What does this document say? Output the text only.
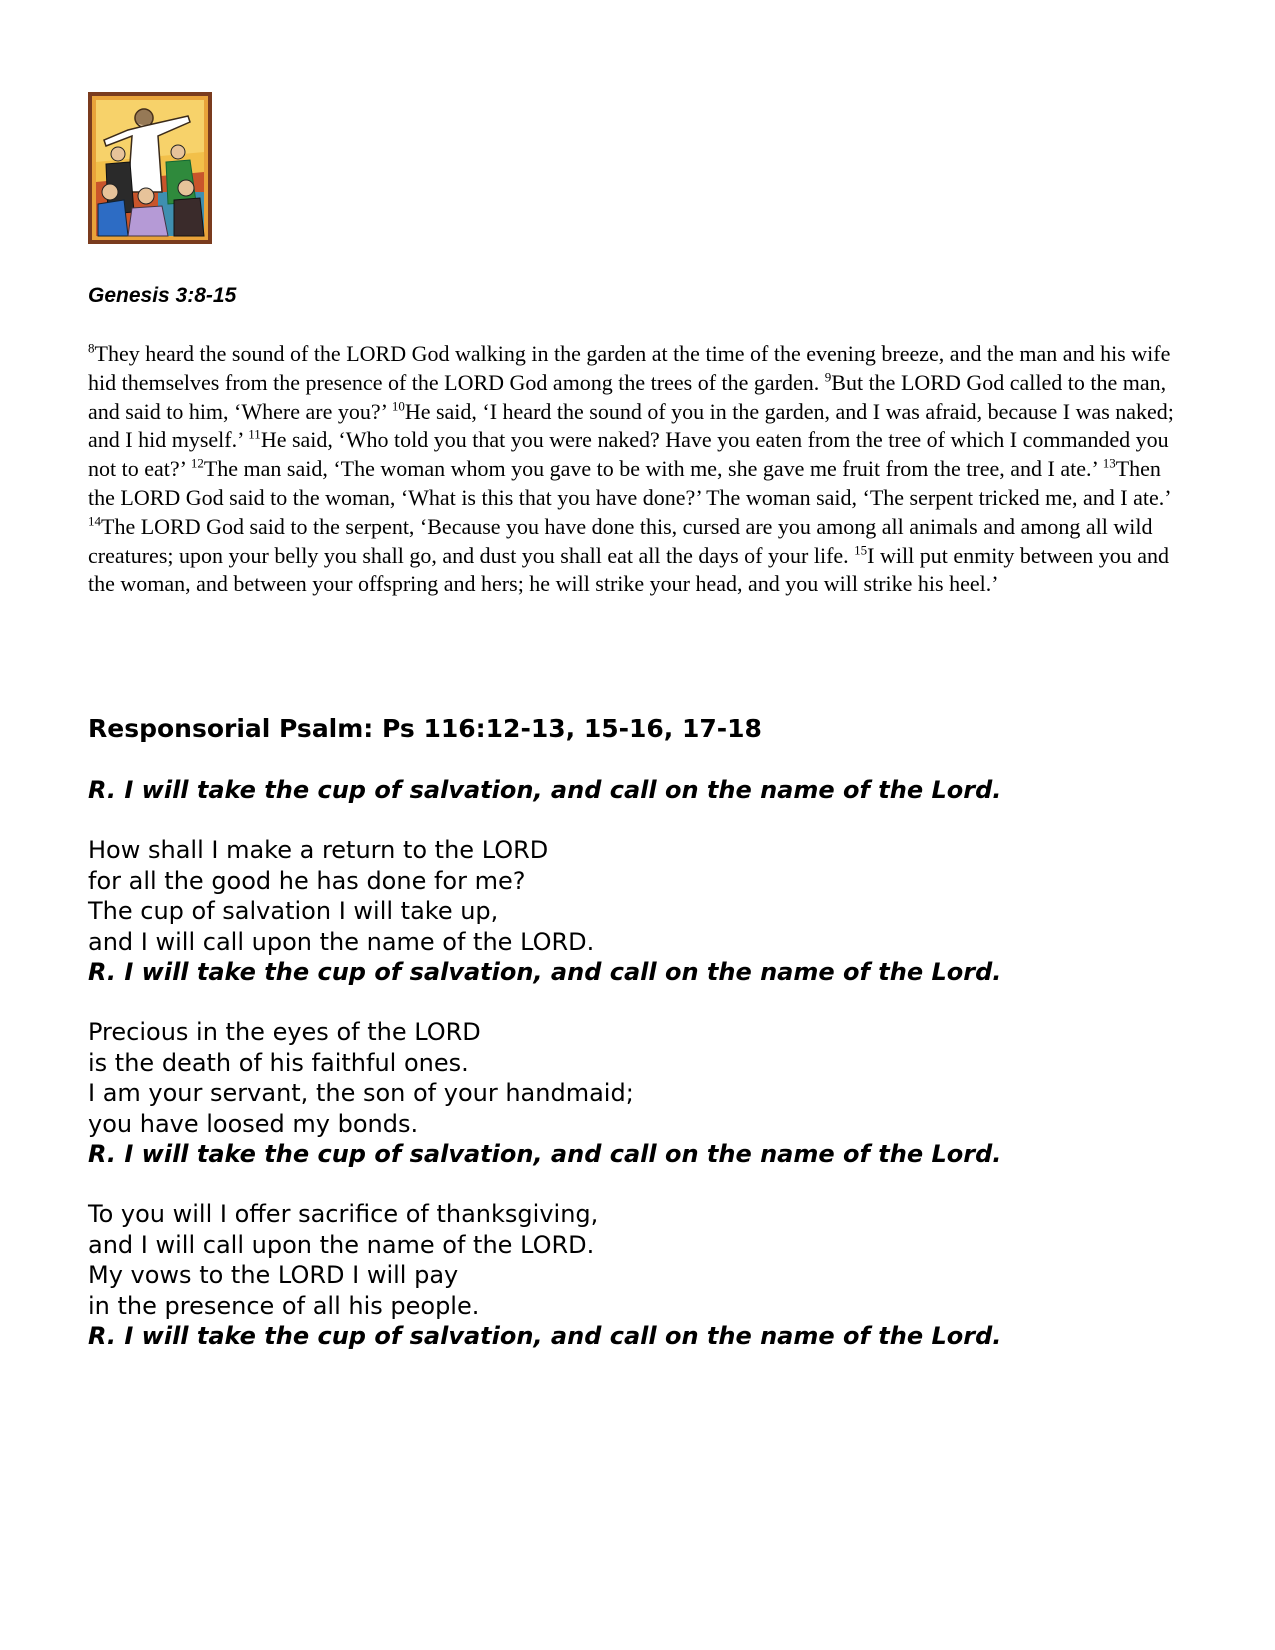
Genesis 3:8-15

$^8$They heard the sound of the LORD God walking in the garden at the time of the evening breeze, and the man and his wife hid themselves from the presence of the LORD God among the trees of the garden. $^9$But the LORD God called to the man, and said to him, ‘Where are you?’ $^{10}$He said, ‘I heard the sound of you in the garden, and I was afraid, because I was naked; and I hid myself.’ $^{11}$He said, ‘Who told you that you were naked? Have you eaten from the tree of which I commanded you not to eat?’ $^{12}$The man said, ‘The woman whom you gave to be with me, she gave me fruit from the tree, and I ate.’ $^{13}$Then the LORD God said to the woman, ‘What is this that you have done?’ The woman said, ‘The serpent tricked me, and I ate.’ $^{14}$The LORD God said to the serpent, ‘Because you have done this, cursed are you among all animals and among all wild creatures; upon your belly you shall go, and dust you shall eat all the days of your life. $^{15}$I will put enmity between you and the woman, and between your offspring and hers; he will strike your head, and you will strike his heel.’

Responsorial Psalm: Ps 116:12-13, 15-16, 17-18

R. I will take the cup of salvation, and call on the name of the Lord.

How shall I make a return to the LORD
for all the good he has done for me?
The cup of salvation I will take up,
and I will call upon the name of the LORD.
R. I will take the cup of salvation, and call on the name of the Lord.
Precious in the eyes of the LORD
is the death of his faithful ones.
I am your servant, the son of your handmaid;
you have loosed my bonds.
R. I will take the cup of salvation, and call on the name of the Lord.
To you will I offer sacrifice of thanksgiving,
and I will call upon the name of the LORD.
My vows to the LORD I will pay
in the presence of all his people.
R. I will take the cup of salvation, and call on the name of the Lord.
